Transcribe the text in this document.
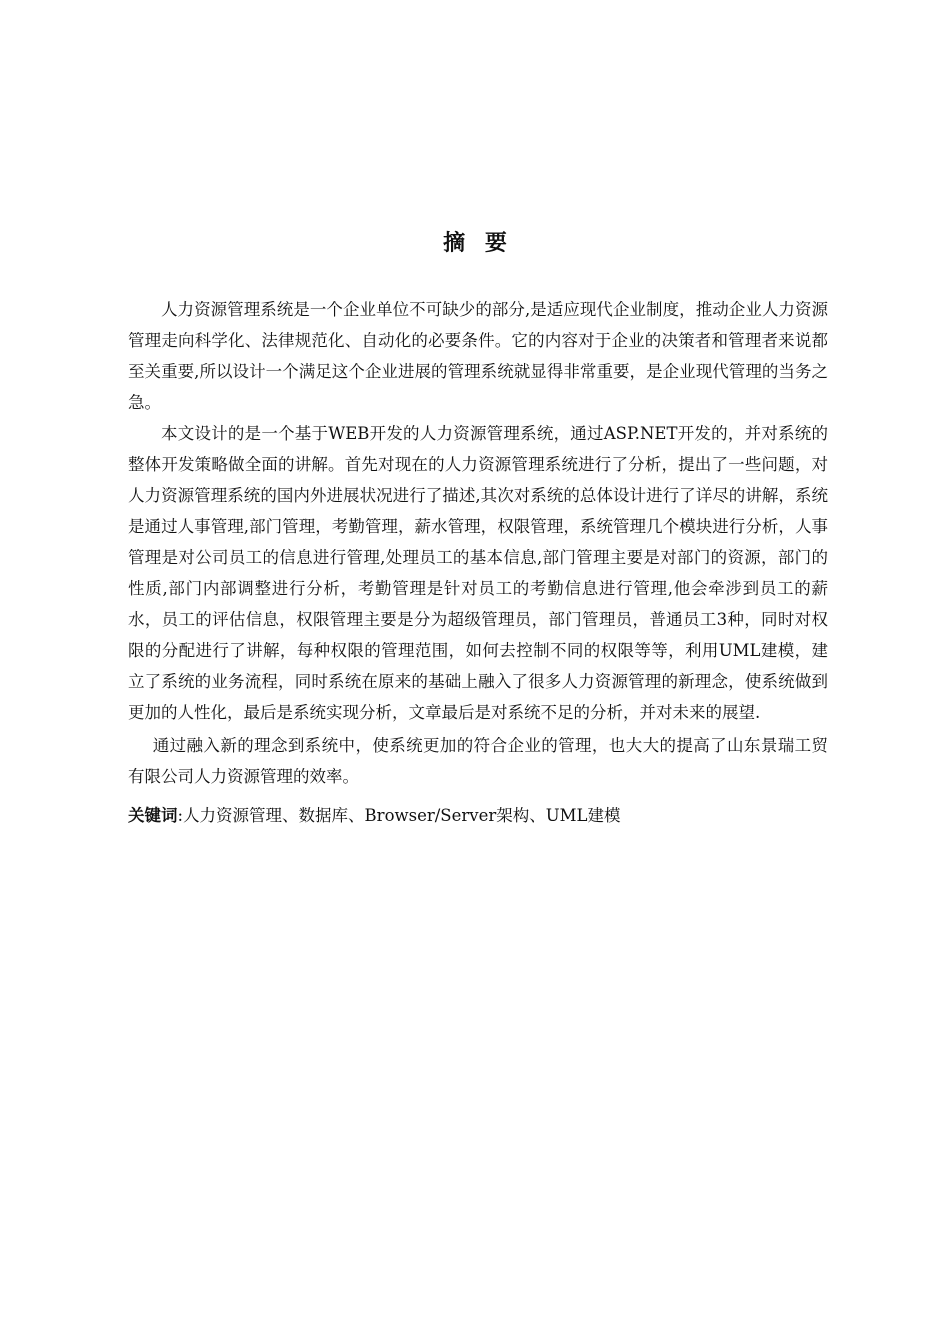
摘 要

人力资源管理系统是一个企业单位不可缺少的部分,是适应现代企业制度，推动企业人力资源管理走向科学化、法律规范化、自动化的必要条件。它的内容对于企业的决策者和管理者来说都至关重要,所以设计一个满足这个企业进展的管理系统就显得非常重要，是企业现代管理的当务之急。

本文设计的是一个基于WEB开发的人力资源管理系统，通过ASP.NET开发的，并对系统的整体开发策略做全面的讲解。首先对现在的人力资源管理系统进行了分析，提出了一些问题，对人力资源管理系统的国内外进展状况进行了描述,其次对系统的总体设计进行了详尽的讲解，系统是通过人事管理,部门管理，考勤管理，薪水管理，权限管理，系统管理几个模块进行分析，人事管理是对公司员工的信息进行管理,处理员工的基本信息,部门管理主要是对部门的资源，部门的性质,部门内部调整进行分析，考勤管理是针对员工的考勤信息进行管理,他会牵涉到员工的薪水，员工的评估信息，权限管理主要是分为超级管理员，部门管理员，普通员工3种，同时对权限的分配进行了讲解，每种权限的管理范围，如何去控制不同的权限等等，利用UML建模，建立了系统的业务流程，同时系统在原来的基础上融入了很多人力资源管理的新理念，使系统做到更加的人性化，最后是系统实现分析，文章最后是对系统不足的分析，并对未来的展望.

通过融入新的理念到系统中，使系统更加的符合企业的管理，也大大的提高了山东景瑞工贸有限公司人力资源管理的效率。

关键词:人力资源管理、数据库、Browser/Server架构、UML建模
